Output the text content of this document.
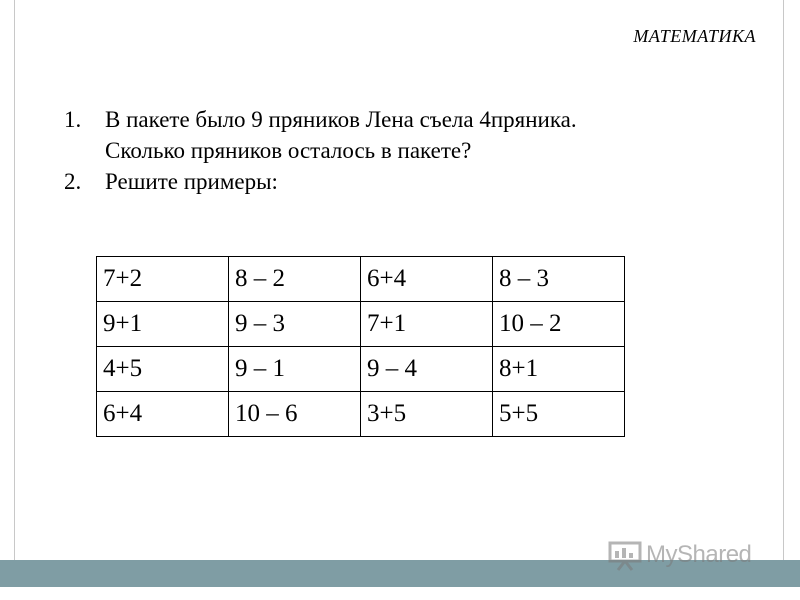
МАТЕМАТИКА
1. В пакете было 9 пряников Лена съела 4пряника.
Сколько пряников осталось в пакете?
2. Решите примеры:
7+2	8 – 2	6+4	8 – 3
9+1	9 – 3	7+1	10 – 2
4+5	9 – 1	9 – 4	8+1
6+4	10 – 6	3+5	5+5
MyShared
